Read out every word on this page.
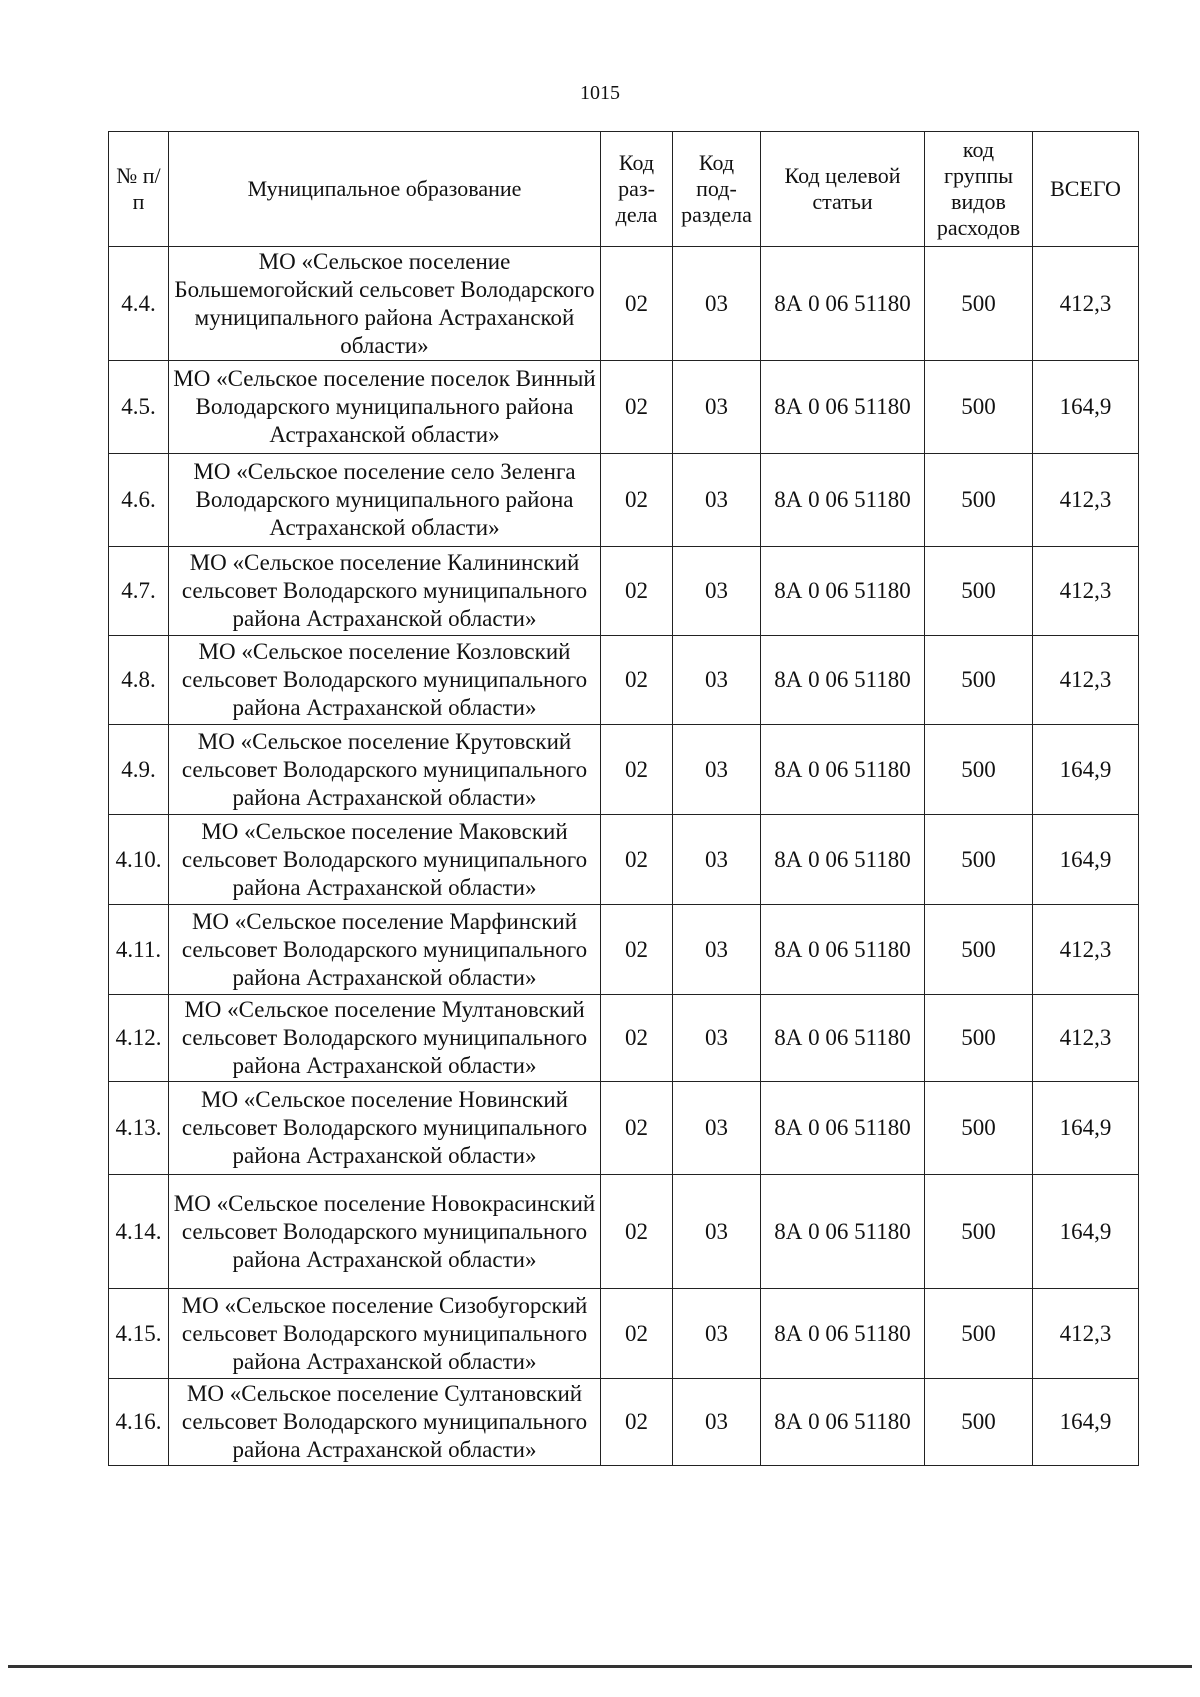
1015
№ п/п	Муниципальное образование	Код раз-дела	Код под-раздела	Код целевой статьи	код группы видов расходов	ВСЕГО
4.4.	МО «Сельское поселение Большемогойский сельсовет Володарского муниципального района Астраханской области»	02	03	8А 0 06 51180	500	412,3
4.5.	МО «Сельское поселение поселок Винный Володарского муниципального района Астраханской области»	02	03	8А 0 06 51180	500	164,9
4.6.	МО «Сельское поселение село Зеленга Володарского муниципального района Астраханской области»	02	03	8А 0 06 51180	500	412,3
4.7.	МО «Сельское поселение Калининский сельсовет Володарского муниципального района Астраханской области»	02	03	8А 0 06 51180	500	412,3
4.8.	МО «Сельское поселение Козловский сельсовет Володарского муниципального района Астраханской области»	02	03	8А 0 06 51180	500	412,3
4.9.	МО «Сельское поселение Крутовский сельсовет Володарского муниципального района Астраханской области»	02	03	8А 0 06 51180	500	164,9
4.10.	МО «Сельское поселение Маковский сельсовет Володарского муниципального района Астраханской области»	02	03	8А 0 06 51180	500	164,9
4.11.	МО «Сельское поселение Марфинский сельсовет Володарского муниципального района Астраханской области»	02	03	8А 0 06 51180	500	412,3
4.12.	МО «Сельское поселение Мултановский сельсовет Володарского муниципального района Астраханской области»	02	03	8А 0 06 51180	500	412,3
4.13.	МО «Сельское поселение Новинский сельсовет Володарского муниципального района Астраханской области»	02	03	8А 0 06 51180	500	164,9
4.14.	МО «Сельское поселение Новокрасинский сельсовет Володарского муниципального района Астраханской области»	02	03	8А 0 06 51180	500	164,9
4.15.	МО «Сельское поселение Сизобугорский сельсовет Володарского муниципального района Астраханской области»	02	03	8А 0 06 51180	500	412,3
4.16.	МО «Сельское поселение Султановский сельсовет Володарского муниципального района Астраханской области»	02	03	8А 0 06 51180	500	164,9
